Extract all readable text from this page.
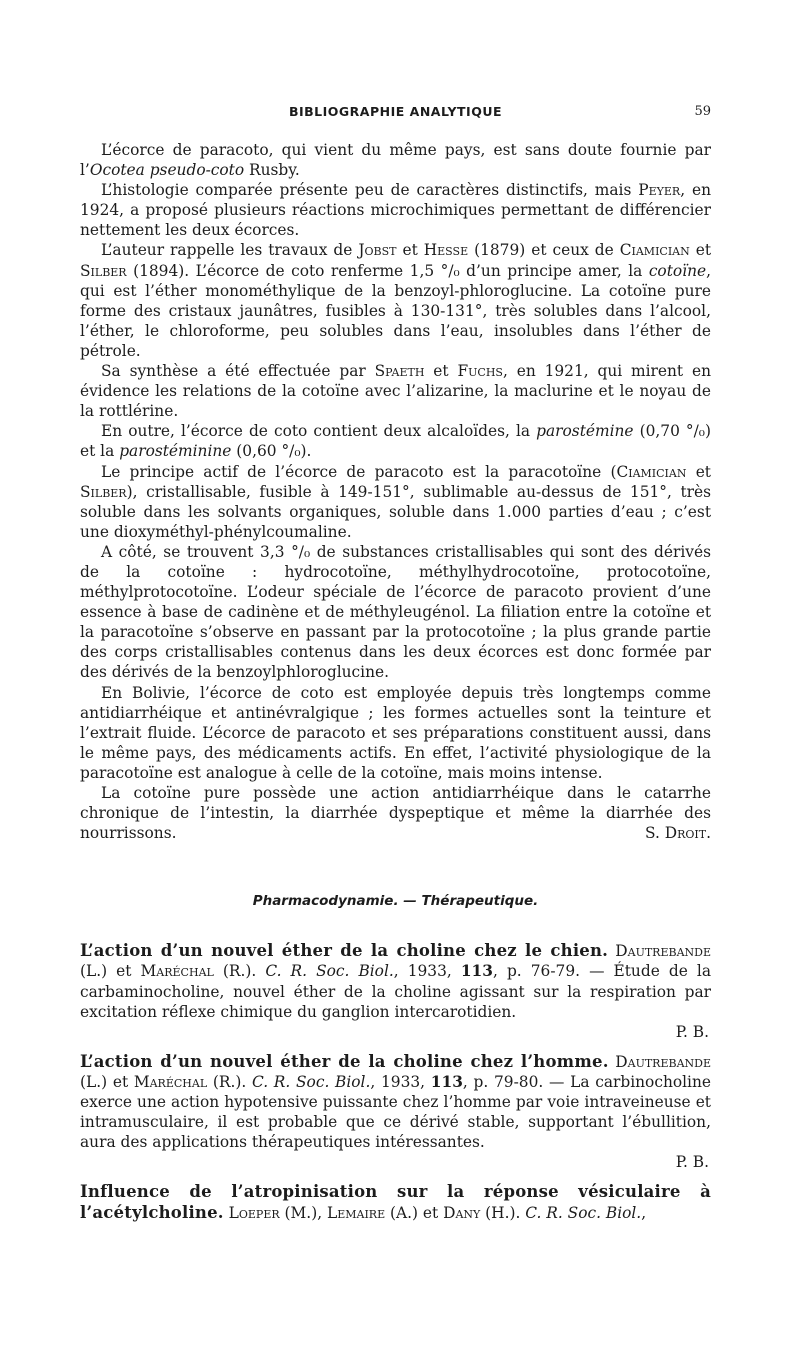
BIBLIOGRAPHIE ANALYTIQUE	59

L’écorce de paracoto, qui vient du même pays, est sans doute fournie par l’Ocotea pseudo-coto Rusby.

L’histologie comparée présente peu de caractères distinctifs, mais Peyer, en 1924, a proposé plusieurs réactions microchimiques permettant de différencier nettement les deux écorces.

L’auteur rappelle les travaux de Jobst et Hesse (1879) et ceux de Ciamician et Silber (1894). L’écorce de coto renferme 1,5 °/₀ d’un principe amer, la cotoïne, qui est l’éther monométhylique de la benzoyl-phloroglucine. La cotoïne pure forme des cristaux jaunâtres, fusibles à 130-131°, très solubles dans l’alcool, l’éther, le chloroforme, peu solubles dans l’eau, insolubles dans l’éther de pétrole.

Sa synthèse a été effectuée par Spaeth et Fuchs, en 1921, qui mirent en évidence les relations de la cotoïne avec l’alizarine, la maclurine et le noyau de la rottlérine.

En outre, l’écorce de coto contient deux alcaloïdes, la parostémine (0,70 °/₀) et la parostéminine (0,60 °/₀).

Le principe actif de l’écorce de paracoto est la paracotoïne (Ciamician et Silber), cristallisable, fusible à 149-151°, sublimable au-dessus de 151°, très soluble dans les solvants organiques, soluble dans 1.000 parties d’eau ; c’est une dioxyméthyl-phénylcoumaline.

A côté, se trouvent 3,3 °/₀ de substances cristallisables qui sont des dérivés de la cotoïne : hydrocotoïne, méthylhydrocotoïne, protocotoïne, méthylprotocotoïne. L’odeur spéciale de l’écorce de paracoto provient d’une essence à base de cadinène et de méthyleugénol. La filiation entre la cotoïne et la paracotoïne s’observe en passant par la protocotoïne ; la plus grande partie des corps cristallisables contenus dans les deux écorces est donc formée par des dérivés de la benzoylphloroglucine.

En Bolivie, l’écorce de coto est employée depuis très longtemps comme antidiarrhéique et antinévralgique ; les formes actuelles sont la teinture et l’extrait fluide. L’écorce de paracoto et ses préparations constituent aussi, dans le même pays, des médicaments actifs. En effet, l’activité physiologique de la paracotoïne est analogue à celle de la cotoïne, mais moins intense.

La cotoïne pure possède une action antidiarrhéique dans le catarrhe chronique de l’intestin, la diarrhée dyspeptique et même la diarrhée des nourrissons.	S. Droit.
Pharmacodynamie. — Thérapeutique.
L’action d’un nouvel éther de la choline chez le chien. Dautrebande (L.) et Maréchal (R.). C. R. Soc. Biol., 1933, 113, p. 76-79. — Étude de la carbaminocholine, nouvel éther de la choline agissant sur la respiration par excitation réflexe chimique du ganglion intercarotidien.
P. B.
L’action d’un nouvel éther de la choline chez l’homme. Dautrebande (L.) et Maréchal (R.). C. R. Soc. Biol., 1933, 113, p. 79-80. — La carbinocholine exerce une action hypotensive puissante chez l’homme par voie intraveineuse et intramusculaire, il est probable que ce dérivé stable, supportant l’ébullition, aura des applications thérapeutiques intéressantes.
P. B.
Influence de l’atropinisation sur la réponse vésiculaire à l’acétylcholine. Loeper (M.), Lemaire (A.) et Dany (H.). C. R. Soc. Biol.,
